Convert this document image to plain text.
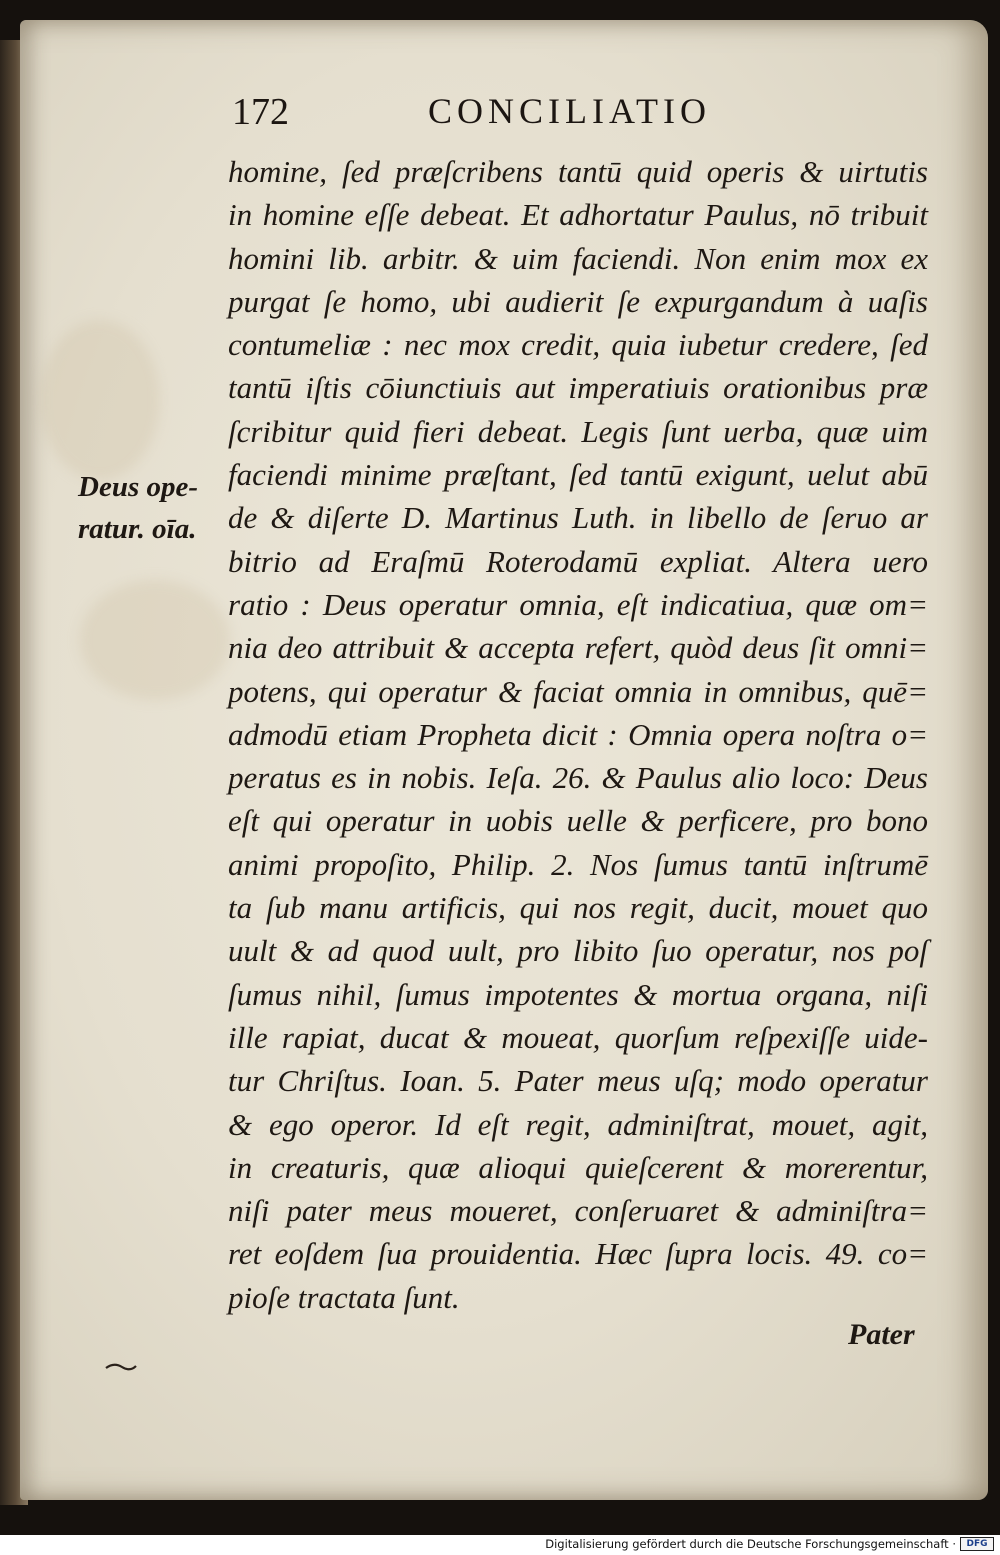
172	CONCILIATIO
Deus ope-
ratur. oīa.
homine, ſed præſcribens tantū quid operis & uirtutis
in homine eſſe debeat. Et adhortatur Paulus, nō tribuit
homini lib. arbitr. & uim faciendi. Non enim mox ex
purgat ſe homo, ubi audierit ſe expurgandum à uaſis
contumeliæ : nec mox credit, quia iubetur credere, ſed
tantū iſtis cōiunctiuis aut imperatiuis orationibus præ
ſcribitur quid fieri debeat. Legis ſunt uerba, quæ uim
faciendi minime præſtant, ſed tantū exigunt, uelut abū
de & diſerte D. Martinus Luth. in libello de ſeruo ar
bitrio ad Eraſmū Roterodamū expliat. Altera uero
ratio : Deus operatur omnia, eſt indicatiua, quæ om=
nia deo attribuit & accepta refert, quòd deus ſit omni=
potens, qui operatur & faciat omnia in omnibus, quē=
admodū etiam Propheta dicit : Omnia opera noſtra o=
peratus es in nobis. Ieſa. 26. & Paulus alio loco: Deus
eſt qui operatur in uobis uelle & perficere, pro bono
animi propoſito, Philip. 2. Nos ſumus tantū inſtrumē
ta ſub manu artificis, qui nos regit, ducit, mouet quo
uult & ad quod uult, pro libito ſuo operatur, nos poſ
ſumus nihil, ſumus impotentes & mortua organa, niſi
ille rapiat, ducat & moueat, quorſum reſpexiſſe uide-
tur Chriſtus. Ioan. 5. Pater meus uſq; modo operatur
& ego operor. Id eſt regit, adminiſtrat, mouet, agit,
in creaturis, quæ alioqui quieſcerent & morerentur,
niſi pater meus moueret, conſeruaret & adminiſtra=
ret eoſdem ſua prouidentia. Hæc ſupra locis. 49. co=
pioſe tractata ſunt.
Pater
Digitalisierung gefördert durch die Deutsche Forschungsgemeinschaft ·	DFG
